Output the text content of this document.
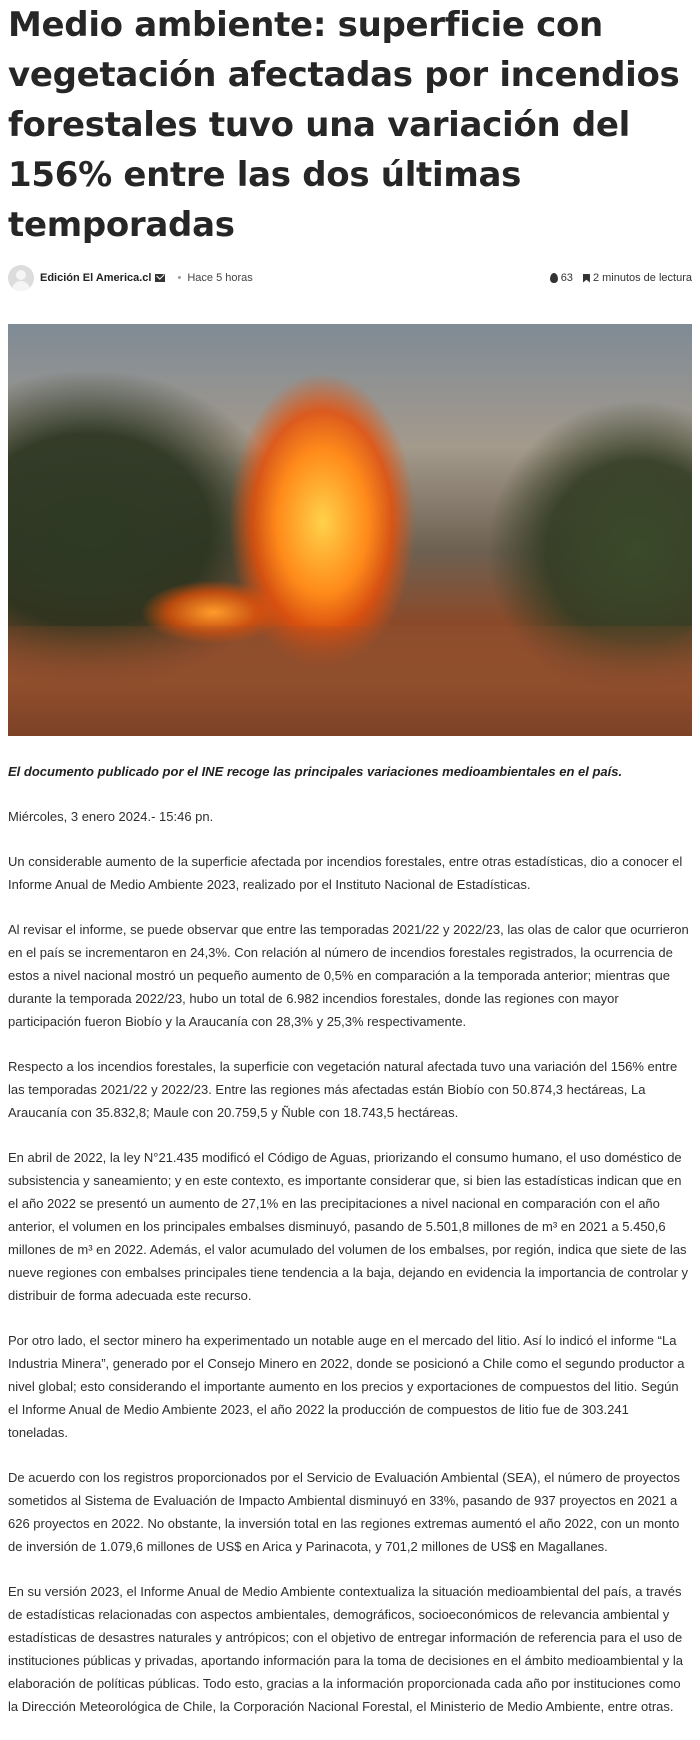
Medio ambiente: superficie con vegetación afectadas por incendios forestales tuvo una variación del 156% entre las dos últimas temporadas
Edición El America.cl • Hace 5 horas	63 2 minutos de lectura

El documento publicado por el INE recoge las principales variaciones medioambientales en el país.

Miércoles, 3 enero 2024.- 15:46 pn.

Un considerable aumento de la superficie afectada por incendios forestales, entre otras estadísticas, dio a conocer el Informe Anual de Medio Ambiente 2023, realizado por el Instituto Nacional de Estadísticas.

Al revisar el informe, se puede observar que entre las temporadas 2021/22 y 2022/23, las olas de calor que ocurrieron en el país se incrementaron en 24,3%. Con relación al número de incendios forestales registrados, la ocurrencia de estos a nivel nacional mostró un pequeño aumento de 0,5% en comparación a la temporada anterior; mientras que durante la temporada 2022/23, hubo un total de 6.982 incendios forestales, donde las regiones con mayor participación fueron Biobío y la Araucanía con 28,3% y 25,3% respectivamente.

Respecto a los incendios forestales, la superficie con vegetación natural afectada tuvo una variación del 156% entre las temporadas 2021/22 y 2022/23. Entre las regiones más afectadas están Biobío con 50.874,3 hectáreas, La Araucanía con 35.832,8; Maule con 20.759,5 y Ñuble con 18.743,5 hectáreas.

En abril de 2022, la ley N°21.435 modificó el Código de Aguas, priorizando el consumo humano, el uso doméstico de subsistencia y saneamiento; y en este contexto, es importante considerar que, si bien las estadísticas indican que en el año 2022 se presentó un aumento de 27,1% en las precipitaciones a nivel nacional en comparación con el año anterior, el volumen en los principales embalses disminuyó, pasando de 5.501,8 millones de m³ en 2021 a 5.450,6 millones de m³ en 2022. Además, el valor acumulado del volumen de los embalses, por región, indica que siete de las nueve regiones con embalses principales tiene tendencia a la baja, dejando en evidencia la importancia de controlar y distribuir de forma adecuada este recurso.

Por otro lado, el sector minero ha experimentado un notable auge en el mercado del litio. Así lo indicó el informe “La Industria Minera”, generado por el Consejo Minero en 2022, donde se posicionó a Chile como el segundo productor a nivel global; esto considerando el importante aumento en los precios y exportaciones de compuestos del litio. Según el Informe Anual de Medio Ambiente 2023, el año 2022 la producción de compuestos de litio fue de 303.241 toneladas.

De acuerdo con los registros proporcionados por el Servicio de Evaluación Ambiental (SEA), el número de proyectos sometidos al Sistema de Evaluación de Impacto Ambiental disminuyó en 33%, pasando de 937 proyectos en 2021 a 626 proyectos en 2022. No obstante, la inversión total en las regiones extremas aumentó el año 2022, con un monto de inversión de 1.079,6 millones de US$ en Arica y Parinacota, y 701,2 millones de US$ en Magallanes.

En su versión 2023, el Informe Anual de Medio Ambiente contextualiza la situación medioambiental del país, a través de estadísticas relacionadas con aspectos ambientales, demográficos, socioeconómicos de relevancia ambiental y estadísticas de desastres naturales y antrópicos; con el objetivo de entregar información de referencia para el uso de instituciones públicas y privadas, aportando información para la toma de decisiones en el ámbito medioambiental y la elaboración de políticas públicas. Todo esto, gracias a la información proporcionada cada año por instituciones como la Dirección Meteorológica de Chile, la Corporación Nacional Forestal, el Ministerio de Medio Ambiente, entre otras.
